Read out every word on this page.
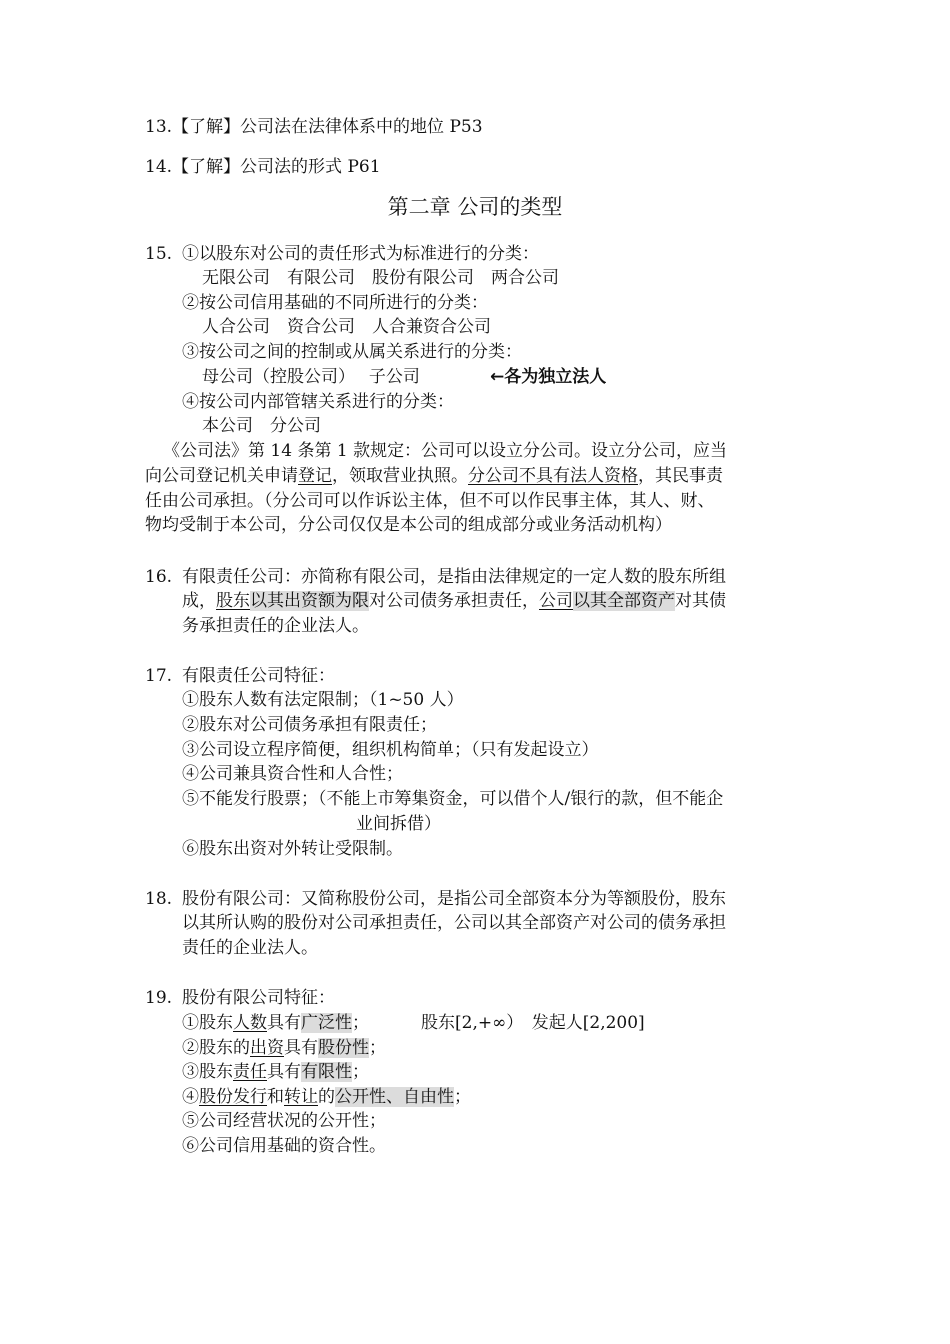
13.【了解】公司法在法律体系中的地位 P53
14.【了解】公司法的形式 P61
第二章 公司的类型
15. ①以股东对公司的责任形式为标准进行的分类：
无限公司　有限公司　股份有限公司　两合公司
②按公司信用基础的不同所进行的分类：
人合公司　资合公司　人合兼资合公司
③按公司之间的控制或从属关系进行的分类：
母公司（控股公司）　 子公司	←各为独立法人
④按公司内部管辖关系进行的分类：
本公司　分公司
《公司法》第 14 条第 1 款规定：公司可以设立分公司。设立分公司，应当
向公司登记机关申请登记，领取营业执照。分公司不具有法人资格，其民事责
任由公司承担。（分公司可以作诉讼主体，但不可以作民事主体，其人、财、
物均受制于本公司，分公司仅仅是本公司的组成部分或业务活动机构）
16. 有限责任公司：亦简称有限公司，是指由法律规定的一定人数的股东所组
成，股东以其出资额为限对公司债务承担责任，公司以其全部资产对其债
务承担责任的企业法人。
17. 有限责任公司特征：
①股东人数有法定限制；（1~50 人）
②股东对公司债务承担有限责任；
③公司设立程序简便，组织机构简单；（只有发起设立）
④公司兼具资合性和人合性；
⑤不能发行股票；（不能上市筹集资金，可以借个人/银行的款，但不能企
业间拆借）
⑥股东出资对外转让受限制。
18. 股份有限公司：又简称股份公司，是指公司全部资本分为等额股份，股东
以其所认购的股份对公司承担责任，公司以其全部资产对公司的债务承担
责任的企业法人。
19. 股份有限公司特征：
①股东人数具有广泛性；	股东[2,+∞）　发起人[2,200]
②股东的出资具有股份性；
③股东责任具有有限性；
④股份发行和转让的公开性、自由性；
⑤公司经营状况的公开性；
⑥公司信用基础的资合性。
